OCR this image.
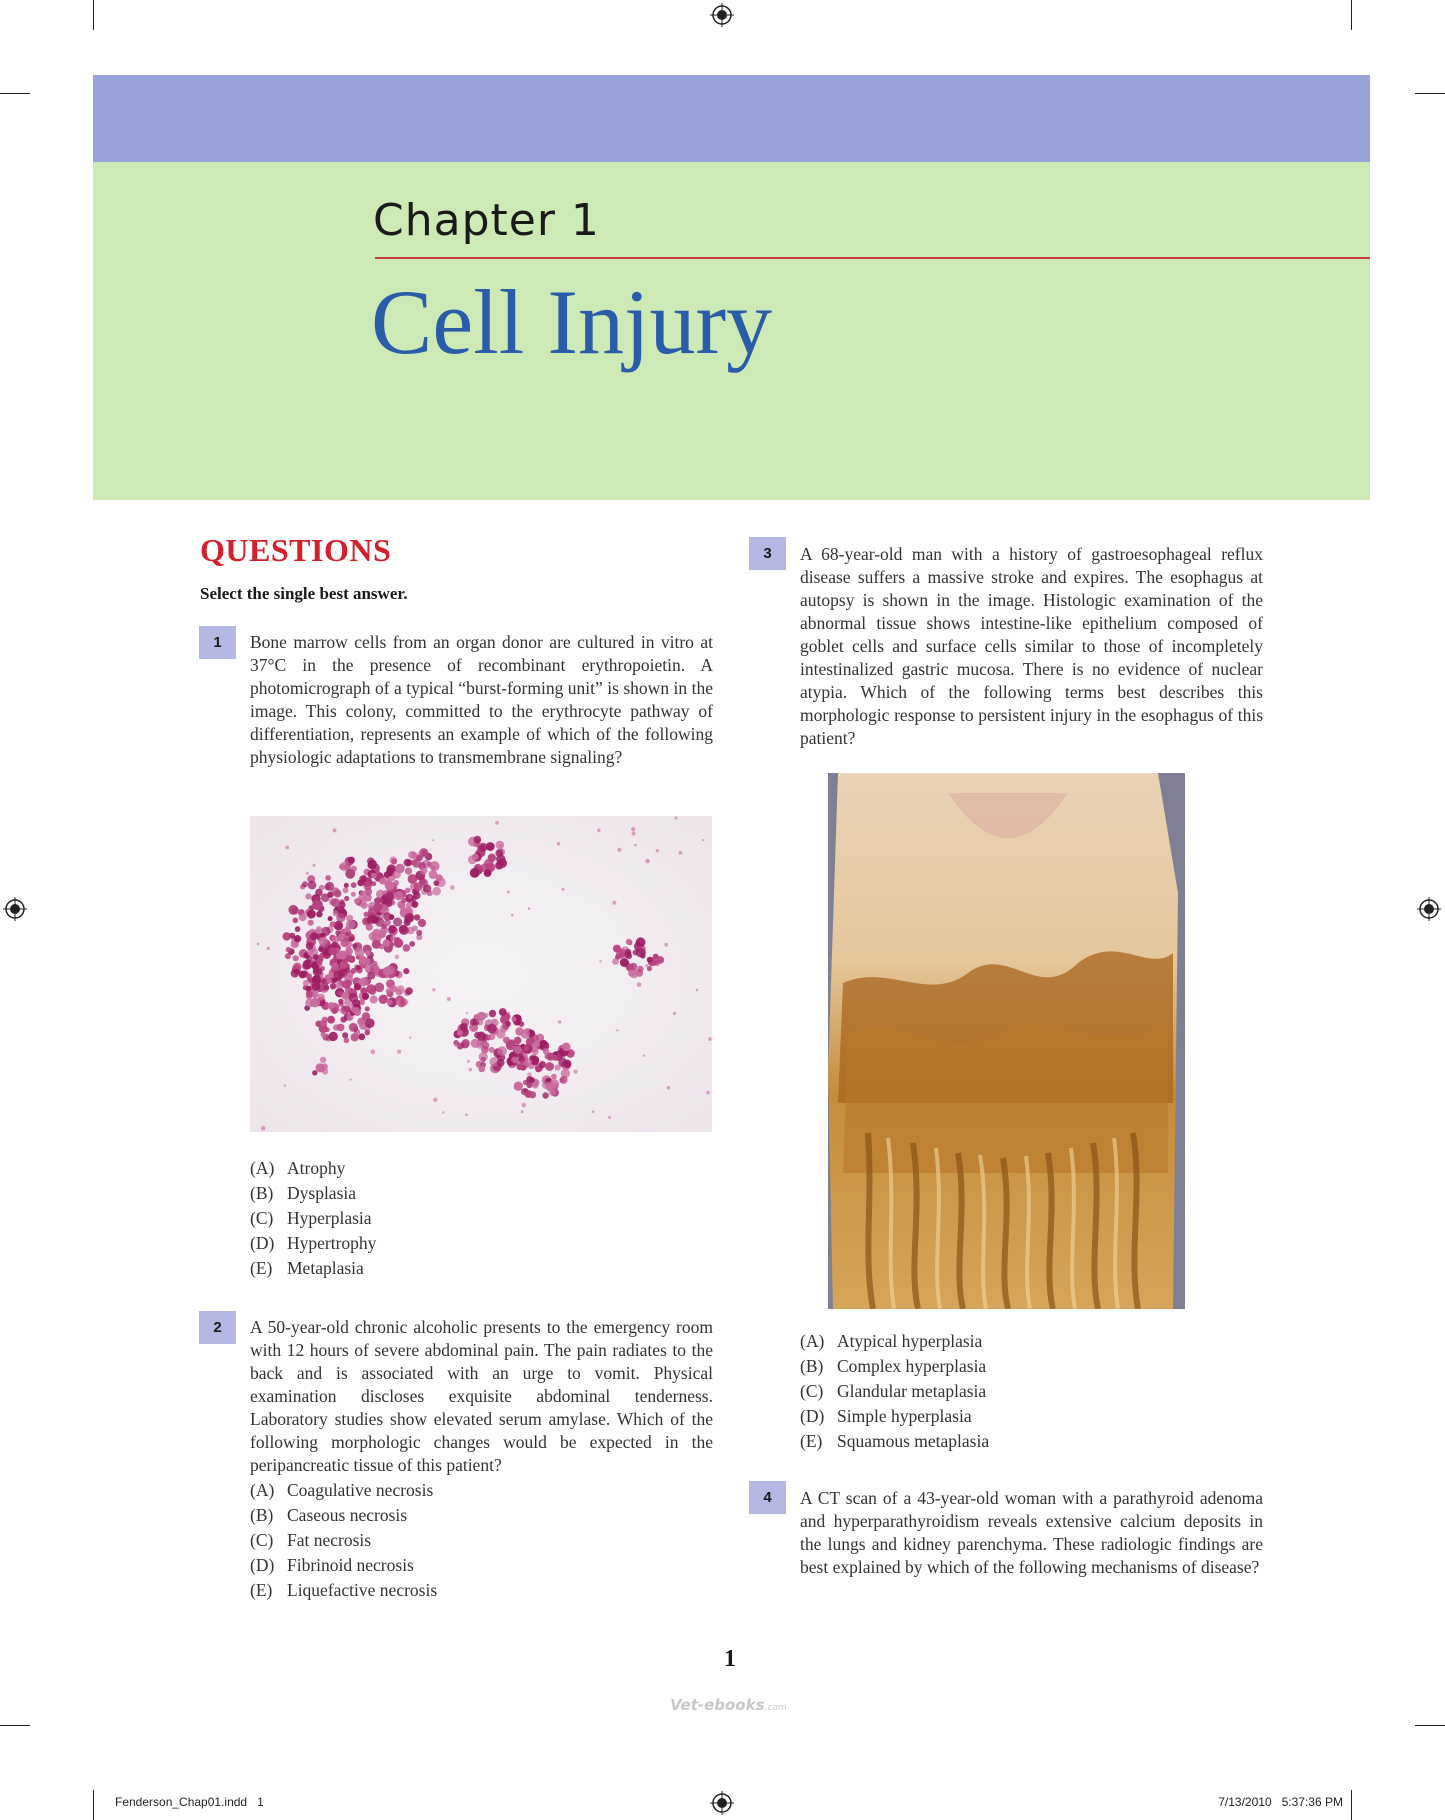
Chapter 1
Cell Injury
QUESTIONS

Select the single best answer.

1	Bone marrow cells from an organ donor are cultured in vitro at 37°C in the presence of recombinant erythropoietin. A photomicrograph of a typical “burst-forming unit” is shown in the image. This colony, committed to the erythrocyte pathway of differentiation, represents an example of which of the following physiologic adaptations to transmembrane signaling?

(A) Atrophy
(B) Dysplasia
(C) Hyperplasia
(D) Hypertrophy
(E) Metaplasia
2	A 50-year-old chronic alcoholic presents to the emergency room with 12 hours of severe abdominal pain. The pain radiates to the back and is associated with an urge to vomit. Physical examination discloses exquisite abdominal tenderness. Laboratory studies show elevated serum amylase. Which of the following morphologic changes would be expected in the peripancreatic tissue of this patient?

(A) Coagulative necrosis
(B) Caseous necrosis
(C) Fat necrosis
(D) Fibrinoid necrosis
(E) Liquefactive necrosis
3	A 68-year-old man with a history of gastroesophageal reflux disease suffers a massive stroke and expires. The esophagus at autopsy is shown in the image. Histologic examination of the abnormal tissue shows intestine-like epithelium composed of goblet cells and surface cells similar to those of incompletely intestinalized gastric mucosa. There is no evidence of nuclear atypia. Which of the following terms best describes this morphologic response to persistent injury in the esophagus of this patient?

(A) Atypical hyperplasia
(B) Complex hyperplasia
(C) Glandular metaplasia
(D) Simple hyperplasia
(E) Squamous metaplasia
4	A CT scan of a 43-year-old woman with a parathyroid adenoma and hyperparathyroidism reveals extensive calcium deposits in the lungs and kidney parenchyma. These radiologic findings are best explained by which of the following mechanisms of disease?

1

Vet-ebooks.com
Fenderson_Chap01.indd   1	7/13/2010   5:37:36 PM
